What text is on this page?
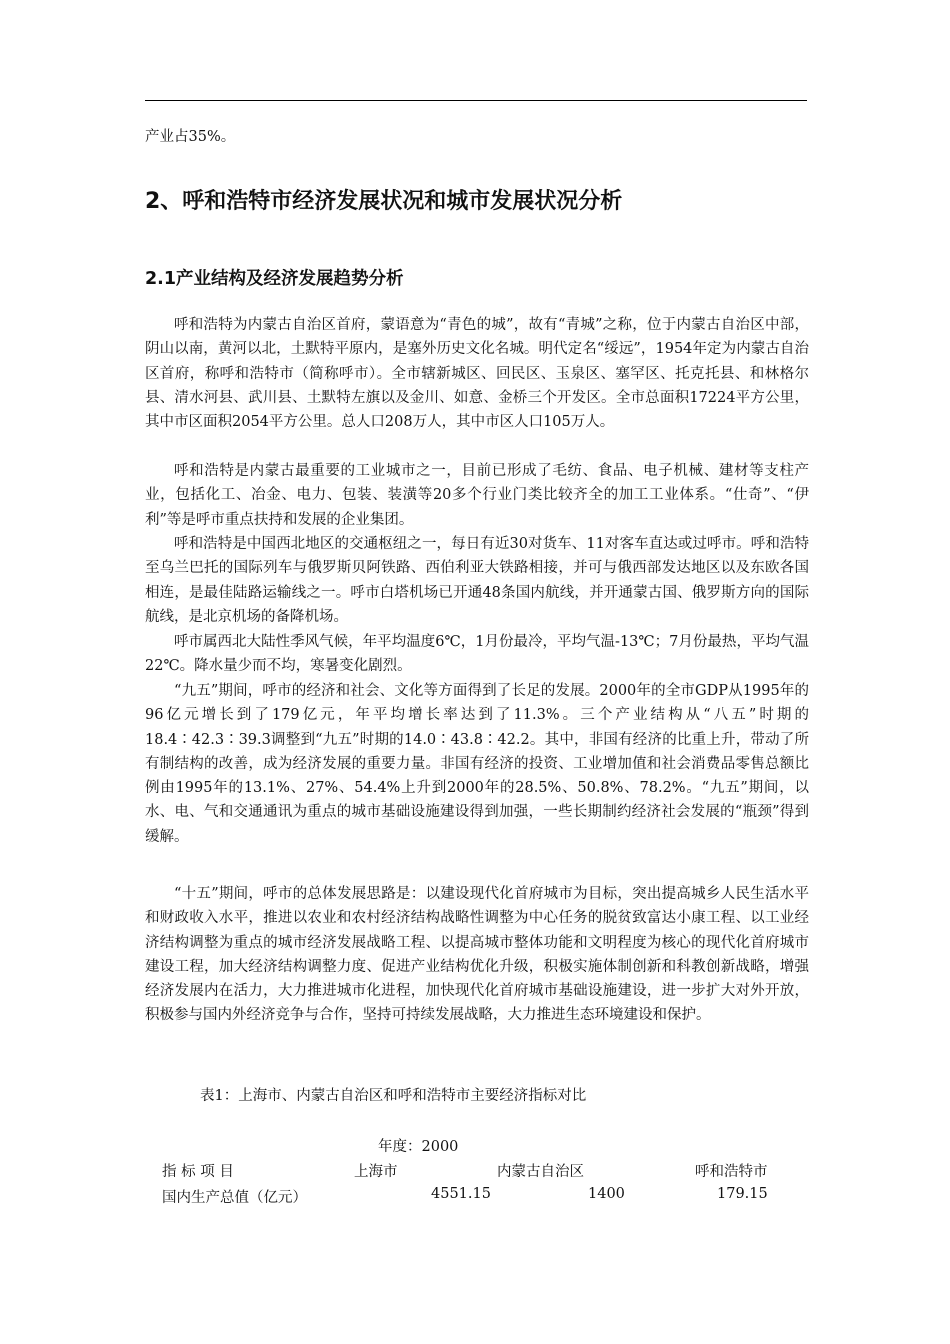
产业占35%。
2、呼和浩特市经济发展状况和城市发展状况分析
2.1产业结构及经济发展趋势分析

呼和浩特为内蒙古自治区首府，蒙语意为“青色的城”，故有“青城”之称，位于内蒙古自治区中部，阴山以南，黄河以北，土默特平原内，是塞外历史文化名城。明代定名“绥远”，1954年定为内蒙古自治区首府，称呼和浩特市（简称呼市）。全市辖新城区、回民区、玉泉区、塞罕区、托克托县、和林格尔县、清水河县、武川县、土默特左旗以及金川、如意、金桥三个开发区。全市总面积17224平方公里，其中市区面积2054平方公里。总人口208万人，其中市区人口105万人。

呼和浩特是内蒙古最重要的工业城市之一，目前已形成了毛纺、食品、电子机械、建材等支柱产业，包括化工、冶金、电力、包装、装潢等20多个行业门类比较齐全的加工工业体系。“仕奇”、“伊利”等是呼市重点扶持和发展的企业集团。

呼和浩特是中国西北地区的交通枢纽之一，每日有近30对货车、11对客车直达或过呼市。呼和浩特至乌兰巴托的国际列车与俄罗斯贝阿铁路、西伯利亚大铁路相接，并可与俄西部发达地区以及东欧各国相连，是最佳陆路运输线之一。呼市白塔机场已开通48条国内航线，并开通蒙古国、俄罗斯方向的国际航线，是北京机场的备降机场。

呼市属西北大陆性季风气候，年平均温度6℃，1月份最冷，平均气温-13℃；7月份最热，平均气温22℃。降水量少而不均，寒暑变化剧烈。

“九五”期间，呼市的经济和社会、文化等方面得到了长足的发展。2000年的全市GDP从1995年的96亿元增长到了179亿元，年平均增长率达到了11.3%。三个产业结构从“八五”时期的18.4∶42.3∶39.3调整到“九五”时期的14.0∶43.8∶42.2。其中，非国有经济的比重上升，带动了所有制结构的改善，成为经济发展的重要力量。非国有经济的投资、工业增加值和社会消费品零售总额比例由1995年的13.1%、27%、54.4%上升到2000年的28.5%、50.8%、78.2%。“九五”期间，以水、电、气和交通通讯为重点的城市基础设施建设得到加强，一些长期制约经济社会发展的“瓶颈”得到缓解。

“十五”期间，呼市的总体发展思路是：以建设现代化首府城市为目标，突出提高城乡人民生活水平和财政收入水平，推进以农业和农村经济结构战略性调整为中心任务的脱贫致富达小康工程、以工业经济结构调整为重点的城市经济发展战略工程、以提高城市整体功能和文明程度为核心的现代化首府城市建设工程，加大经济结构调整力度、促进产业结构优化升级，积极实施体制创新和科教创新战略，增强经济发展内在活力，大力推进城市化进程，加快现代化首府城市基础设施建设，进一步扩大对外开放，积极参与国内外经济竞争与合作，坚持可持续发展战略，大力推进生态环境建设和保护。

表1：上海市、内蒙古自治区和呼和浩特市主要经济指标对比
年度：2000
指 标 项 目	上海市	内蒙古自治区	呼和浩特市
国内生产总值（亿元）	4551.15	1400	179.15
